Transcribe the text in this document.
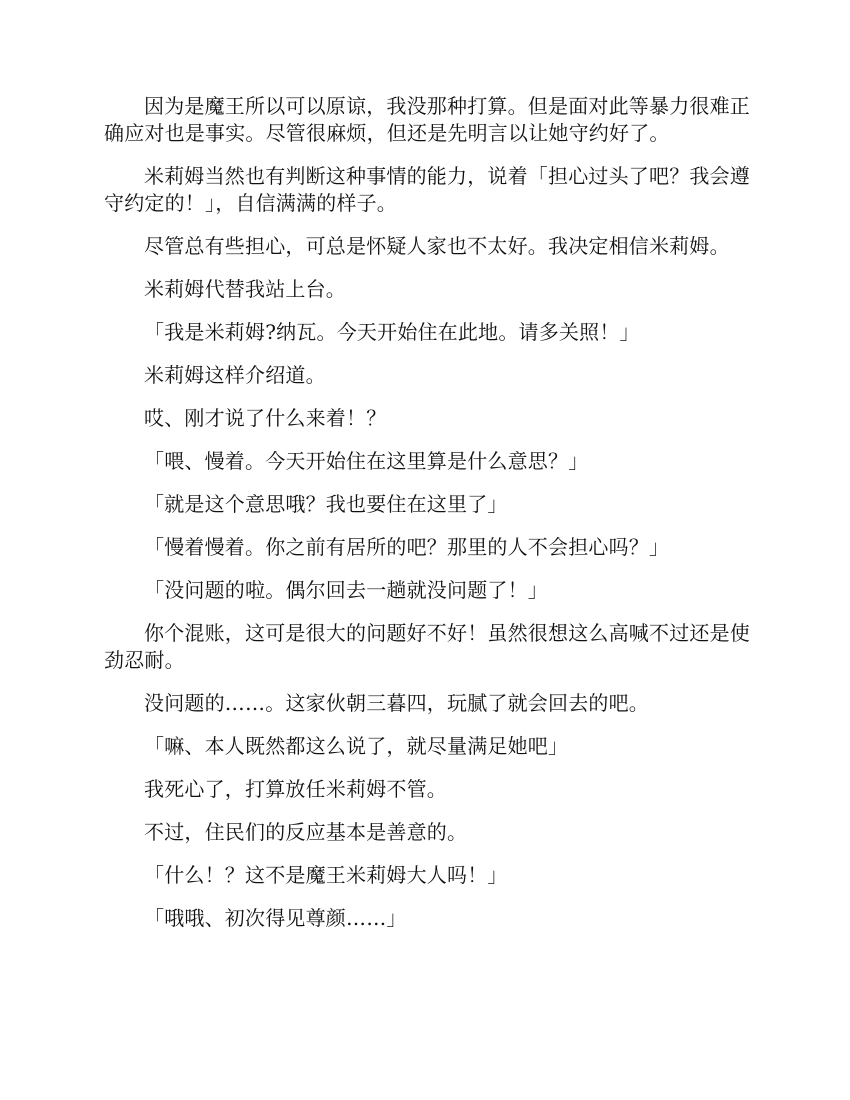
因为是魔王所以可以原谅，我没那种打算。但是面对此等暴力很难正确应对也是事实。尽管很麻烦，但还是先明言以让她守约好了。

米莉姆当然也有判断这种事情的能力，说着「担心过头了吧？我会遵守约定的！」，自信满满的样子。

尽管总有些担心，可总是怀疑人家也不太好。我决定相信米莉姆。

米莉姆代替我站上台。

「我是米莉姆?纳瓦。今天开始住在此地。请多关照！」

米莉姆这样介绍道。

哎、刚才说了什么来着！？

「喂、慢着。今天开始住在这里算是什么意思？」

「就是这个意思哦？我也要住在这里了」

「慢着慢着。你之前有居所的吧？那里的人不会担心吗？」

「没问题的啦。偶尔回去一趟就没问题了！」

你个混账，这可是很大的问题好不好！虽然很想这么高喊不过还是使劲忍耐。

没问题的……。这家伙朝三暮四，玩腻了就会回去的吧。

「嘛、本人既然都这么说了，就尽量满足她吧」

我死心了，打算放任米莉姆不管。

不过，住民们的反应基本是善意的。

「什么！？这不是魔王米莉姆大人吗！」

「哦哦、初次得见尊颜……」
